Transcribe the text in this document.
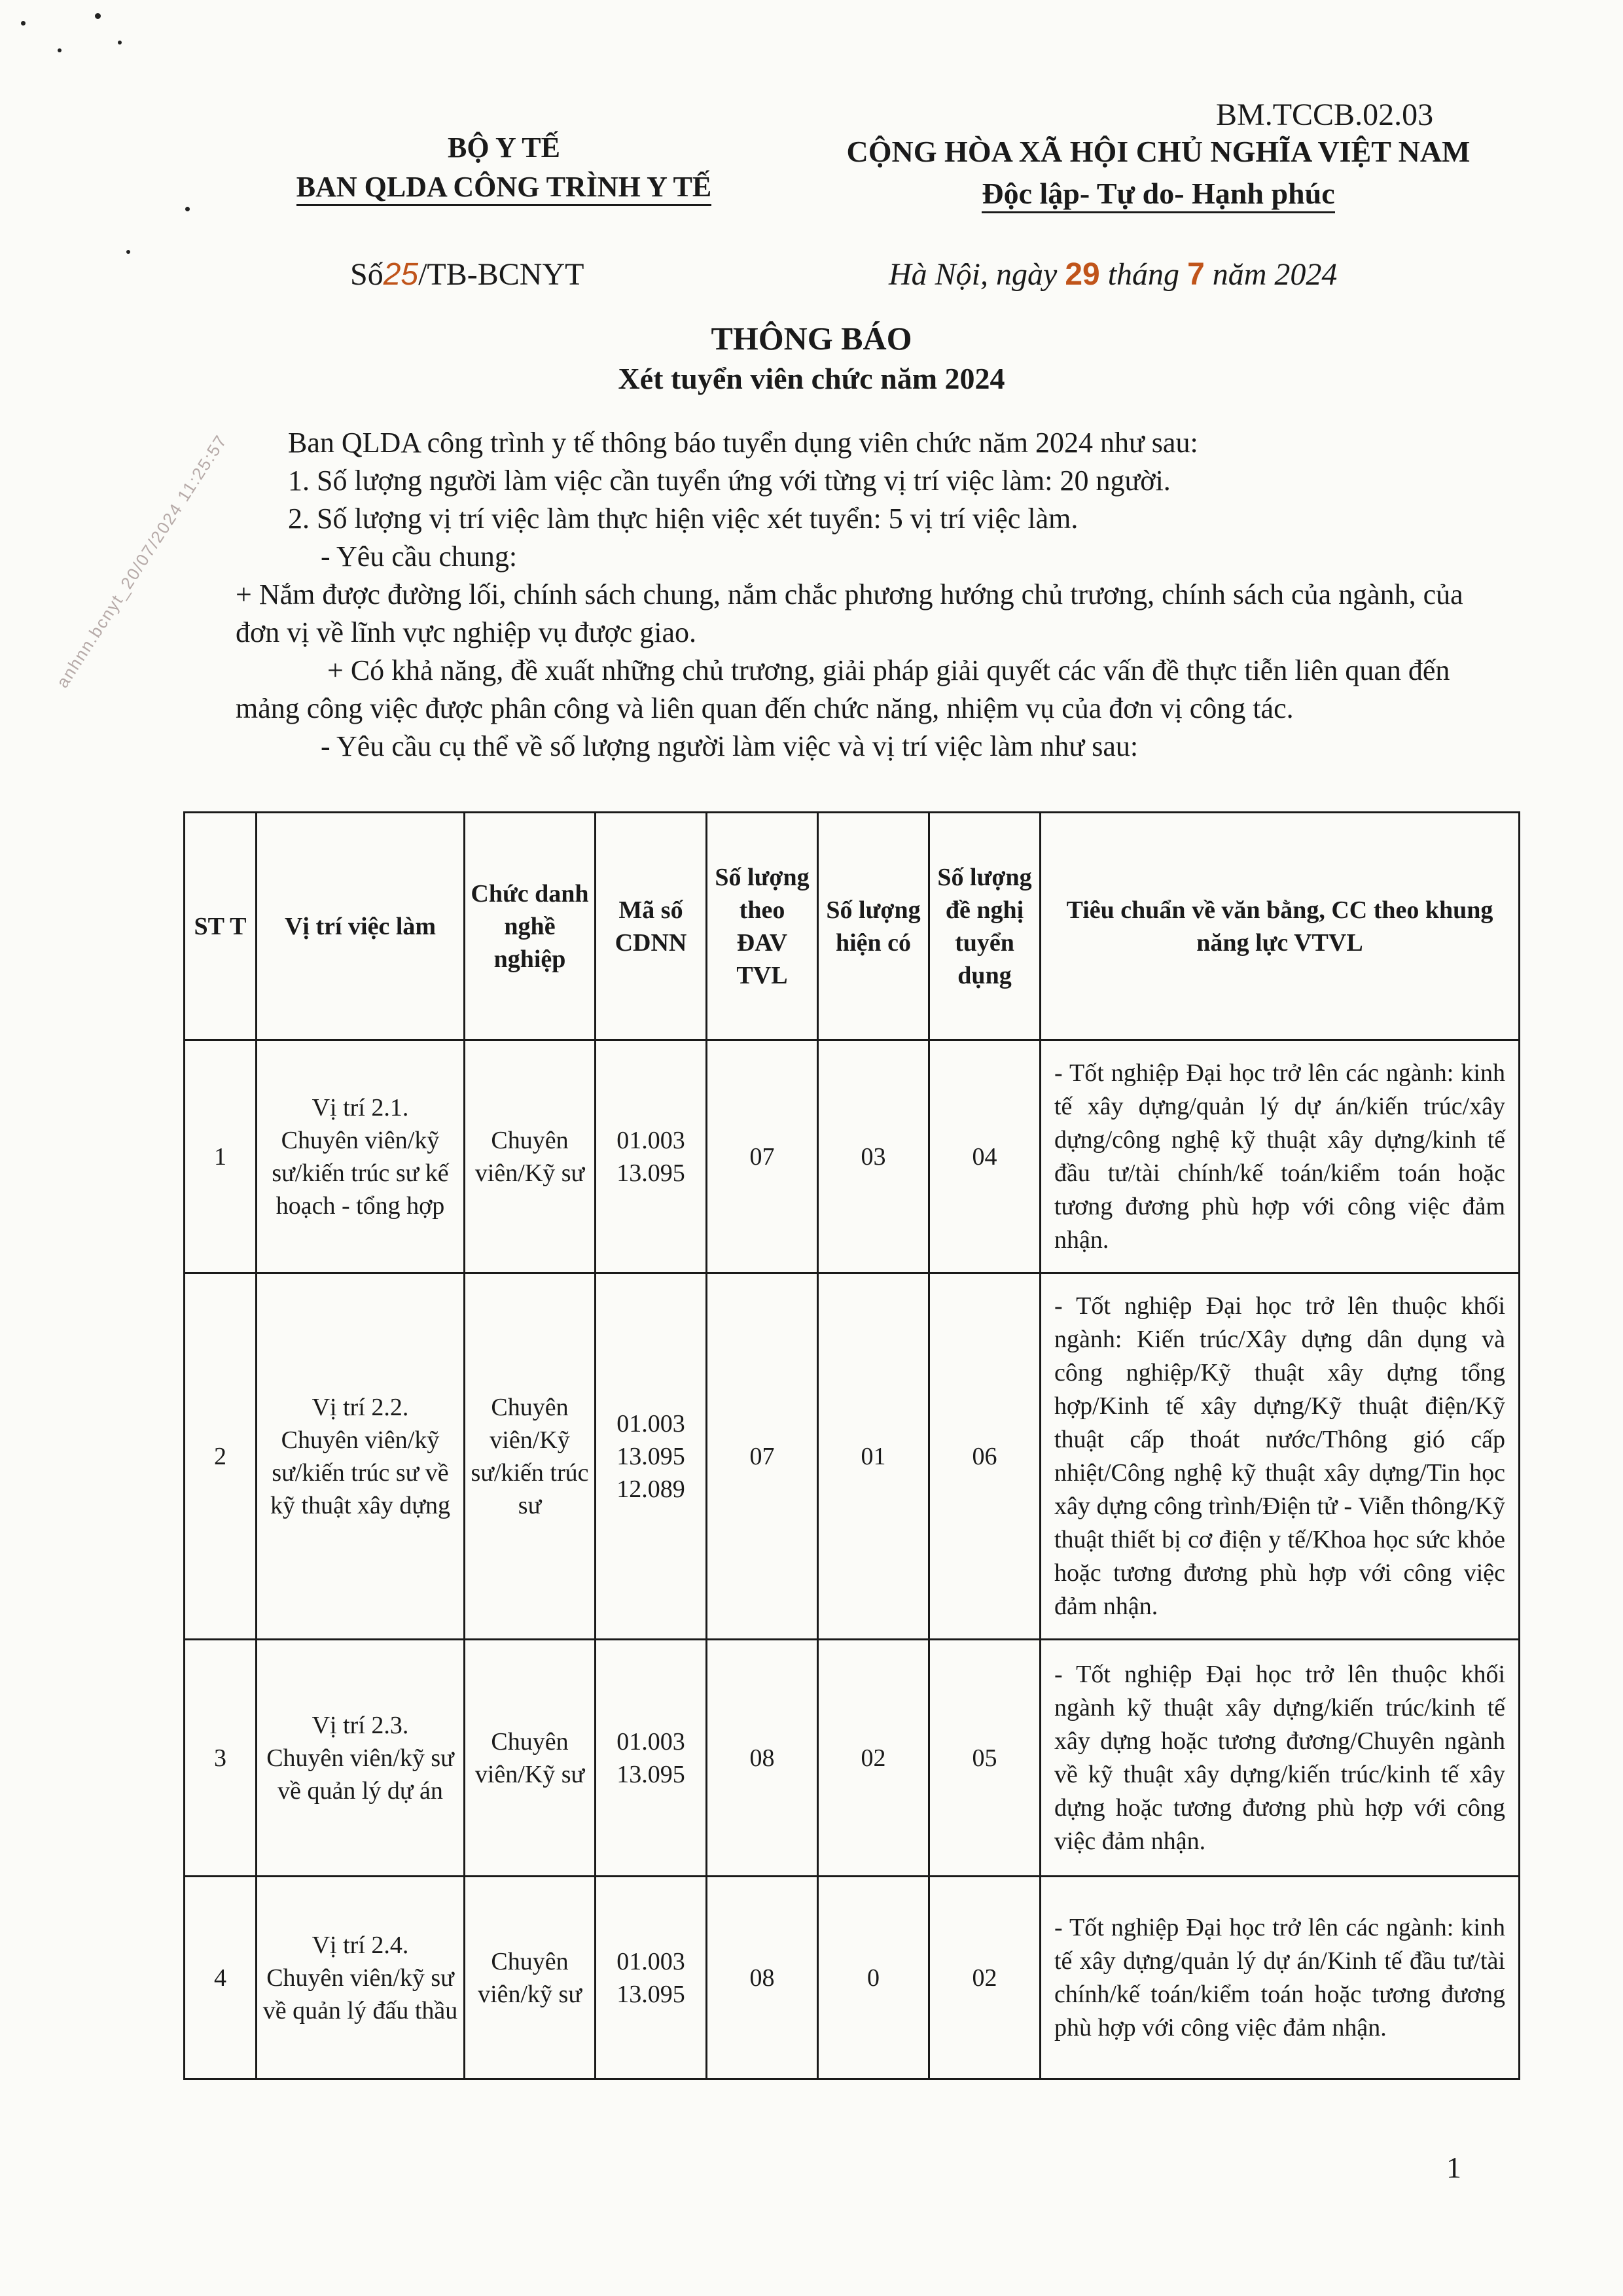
anhnn.bcnyt_20/07/2024 11:25:57
BM.TCCB.02.03
BỘ Y TẾ
BAN QLDA CÔNG TRÌNH Y TẾ
CỘNG HÒA XÃ HỘI CHỦ NGHĨA VIỆT NAM
Độc lập- Tự do- Hạnh phúc
Số25/TB-BCNYT	Hà Nội, ngày 29 tháng 7 năm 2024
THÔNG BÁO
Xét tuyển viên chức năm 2024

Ban QLDA công trình y tế thông báo tuyển dụng viên chức năm 2024 như sau:

1. Số lượng người làm việc cần tuyển ứng với từng vị trí việc làm: 20 người.

2. Số lượng vị trí việc làm thực hiện việc xét tuyển: 5 vị trí việc làm.

- Yêu cầu chung:

+ Nắm được đường lối, chính sách chung, nắm chắc phương hướng chủ trương, chính sách của ngành, của đơn vị về lĩnh vực nghiệp vụ được giao.

+ Có khả năng, đề xuất những chủ trương, giải pháp giải quyết các vấn đề thực tiễn liên quan đến mảng công việc được phân công và liên quan đến chức năng, nhiệm vụ của đơn vị công tác.

- Yêu cầu cụ thể về số lượng người làm việc và vị trí việc làm như sau:

ST T	Vị trí việc làm	Chức danh nghề nghiệp	Mã số CDNN	Số lượng theo ĐAV TVL	Số lượng hiện có	Số lượng đề nghị tuyển dụng	Tiêu chuẩn về văn bằng, CC theo khung năng lực VTVL
1	Vị trí 2.1.
Chuyên viên/kỹ sư/kiến trúc sư kế hoạch - tổng hợp	Chuyên viên/Kỹ sư	01.003 13.095	07	03	04	- Tốt nghiệp Đại học trở lên các ngành: kinh tế xây dựng/quản lý dự án/kiến trúc/xây dựng/công nghệ kỹ thuật xây dựng/kinh tế đầu tư/tài chính/kế toán/kiểm toán hoặc tương đương phù hợp với công việc đảm nhận.
2	Vị trí 2.2.
Chuyên viên/kỹ sư/kiến trúc sư về kỹ thuật xây dựng	Chuyên viên/Kỹ sư/kiến trúc sư	01.003 13.095 12.089	07	01	06	- Tốt nghiệp Đại học trở lên thuộc khối ngành: Kiến trúc/Xây dựng dân dụng và công nghiệp/Kỹ thuật xây dựng tổng hợp/Kinh tế xây dựng/Kỹ thuật điện/Kỹ thuật cấp thoát nước/Thông gió cấp nhiệt/Công nghệ kỹ thuật xây dựng/Tin học xây dựng công trình/Điện tử - Viễn thông/Kỹ thuật thiết bị cơ điện y tế/Khoa học sức khỏe hoặc tương đương phù hợp với công việc đảm nhận.
3	Vị trí 2.3.
Chuyên viên/kỹ sư về quản lý dự án	Chuyên viên/Kỹ sư	01.003 13.095	08	02	05	- Tốt nghiệp Đại học trở lên thuộc khối ngành kỹ thuật xây dựng/kiến trúc/kinh tế xây dựng hoặc tương đương/Chuyên ngành về kỹ thuật xây dựng/kiến trúc/kinh tế xây dựng hoặc tương đương phù hợp với công việc đảm nhận.
4	Vị trí 2.4.
Chuyên viên/kỹ sư về quản lý đấu thầu	Chuyên viên/kỹ sư	01.003 13.095	08	0	02	- Tốt nghiệp Đại học trở lên các ngành: kinh tế xây dựng/quản lý dự án/Kinh tế đầu tư/tài chính/kế toán/kiểm toán hoặc tương đương phù hợp với công việc đảm nhận.
1
